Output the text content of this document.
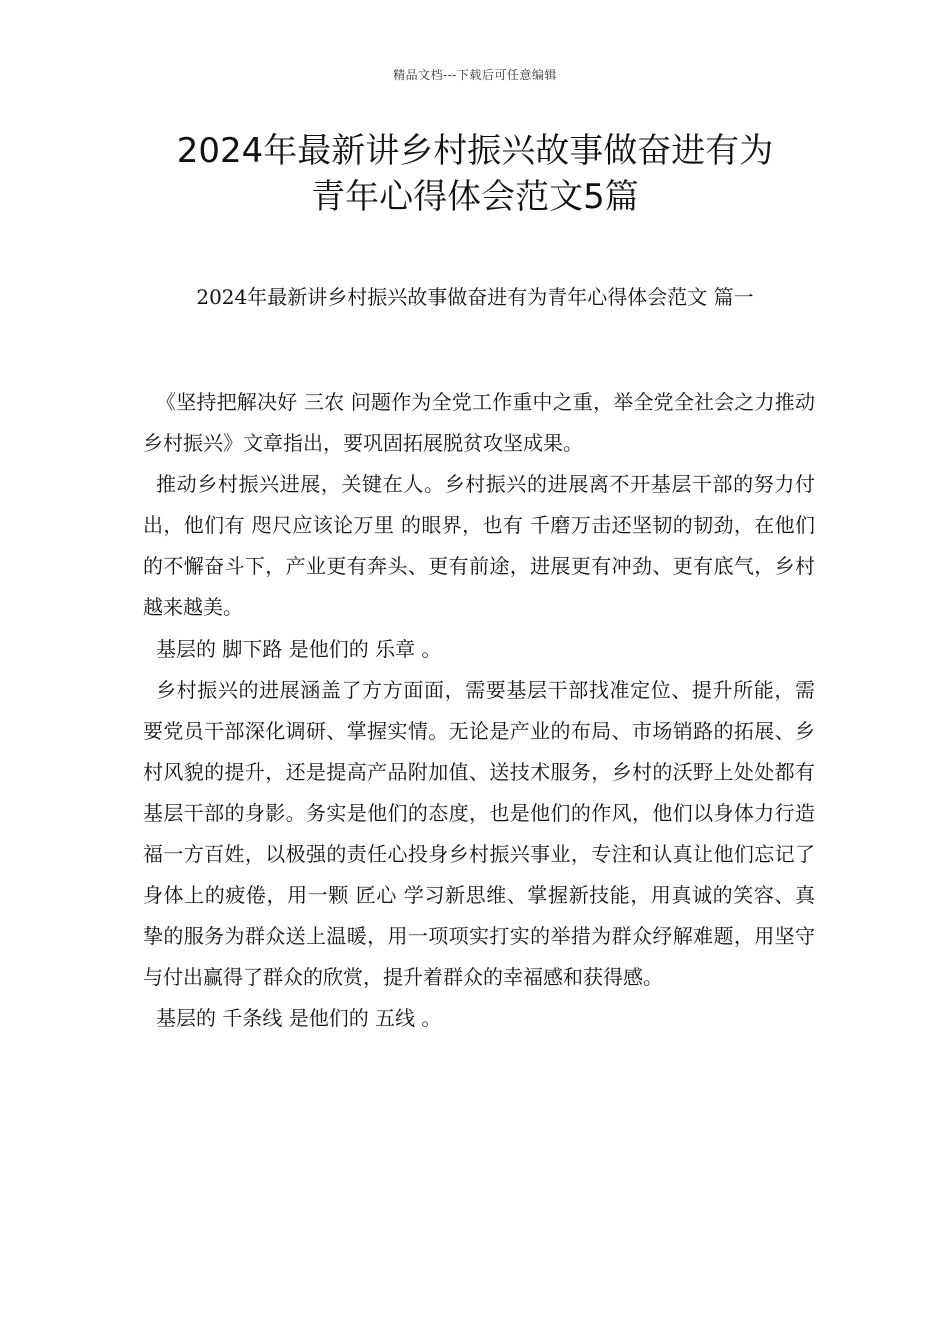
精品文档---下载后可任意编辑
2024年最新讲乡村振兴故事做奋进有为
青年心得体会范文5篇

2024年最新讲乡村振兴故事做奋进有为青年心得体会范文 篇一

《坚持把解决好 三农 问题作为全党工作重中之重，举全党全社会之力推动乡村振兴》文章指出，要巩固拓展脱贫攻坚成果。

推动乡村振兴进展，关键在人。乡村振兴的进展离不开基层干部的努力付出，他们有 咫尺应该论万里 的眼界，也有 千磨万击还坚韧的韧劲，在他们的不懈奋斗下，产业更有奔头、更有前途，进展更有冲劲、更有底气，乡村越来越美。

基层的 脚下路 是他们的 乐章 。

乡村振兴的进展涵盖了方方面面，需要基层干部找准定位、提升所能，需要党员干部深化调研、掌握实情。无论是产业的布局、市场销路的拓展、乡村风貌的提升，还是提高产品附加值、送技术服务，乡村的沃野上处处都有基层干部的身影。务实是他们的态度，也是他们的作风，他们以身体力行造福一方百姓，以极强的责任心投身乡村振兴事业，专注和认真让他们忘记了身体上的疲倦，用一颗 匠心 学习新思维、掌握新技能，用真诚的笑容、真挚的服务为群众送上温暖，用一项项实打实的举措为群众纾解难题，用坚守与付出赢得了群众的欣赏，提升着群众的幸福感和获得感。

基层的 千条线 是他们的 五线 。
